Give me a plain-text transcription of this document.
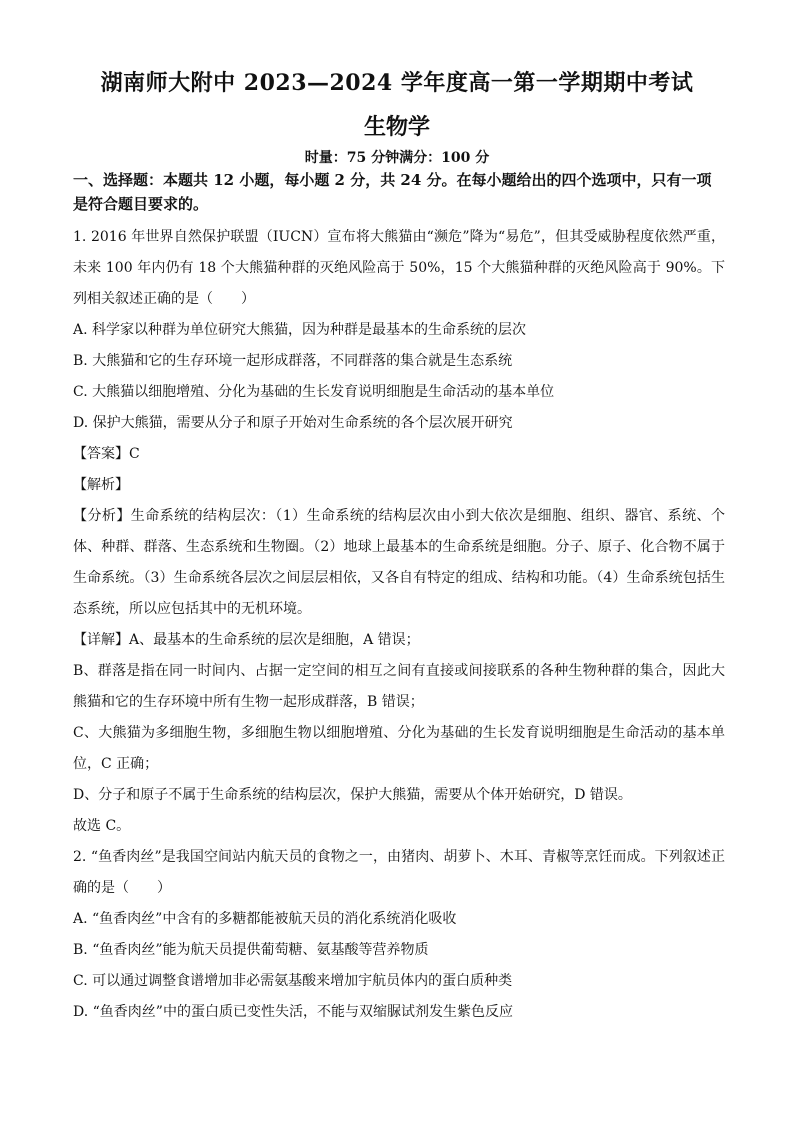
湖南师大附中 2023—2024 学年度高一第一学期期中考试
生物学
时量：75 分钟满分：100 分
一、选择题：本题共 12 小题，每小题 2 分，共 24 分。在每小题给出的四个选项中，只有一项是符合题目要求的。
1. 2016 年世界自然保护联盟（IUCN）宣布将大熊猫由“濒危”降为“易危”，但其受威胁程度依然严重，未来 100 年内仍有 18 个大熊猫种群的灭绝风险高于 50%，15 个大熊猫种群的灭绝风险高于 90%。下列相关叙述正确的是（　　）
A. 科学家以种群为单位研究大熊猫，因为种群是最基本的生命系统的层次
B. 大熊猫和它的生存环境一起形成群落，不同群落的集合就是生态系统
C. 大熊猫以细胞增殖、分化为基础的生长发育说明细胞是生命活动的基本单位
D. 保护大熊猫，需要从分子和原子开始对生命系统的各个层次展开研究
【答案】C
【解析】
【分析】生命系统的结构层次：（1）生命系统的结构层次由小到大依次是细胞、组织、器官、系统、个体、种群、群落、生态系统和生物圈。（2）地球上最基本的生命系统是细胞。分子、原子、化合物不属于生命系统。（3）生命系统各层次之间层层相依，又各自有特定的组成、结构和功能。（4）生命系统包括生态系统，所以应包括其中的无机环境。
【详解】A、最基本的生命系统的层次是细胞，A 错误；
B、群落是指在同一时间内、占据一定空间的相互之间有直接或间接联系的各种生物种群的集合，因此大熊猫和它的生存环境中所有生物一起形成群落，B 错误；
C、大熊猫为多细胞生物，多细胞生物以细胞增殖、分化为基础的生长发育说明细胞是生命活动的基本单位，C 正确；
D、分子和原子不属于生命系统的结构层次，保护大熊猫，需要从个体开始研究，D 错误。
故选 C。
2. “鱼香肉丝”是我国空间站内航天员的食物之一，由猪肉、胡萝卜、木耳、青椒等烹饪而成。下列叙述正确的是（　　）
A. “鱼香肉丝”中含有的多糖都能被航天员的消化系统消化吸收
B. “鱼香肉丝”能为航天员提供葡萄糖、氨基酸等营养物质
C. 可以通过调整食谱增加非必需氨基酸来增加宇航员体内的蛋白质种类
D. “鱼香肉丝”中的蛋白质已变性失活，不能与双缩脲试剂发生紫色反应
